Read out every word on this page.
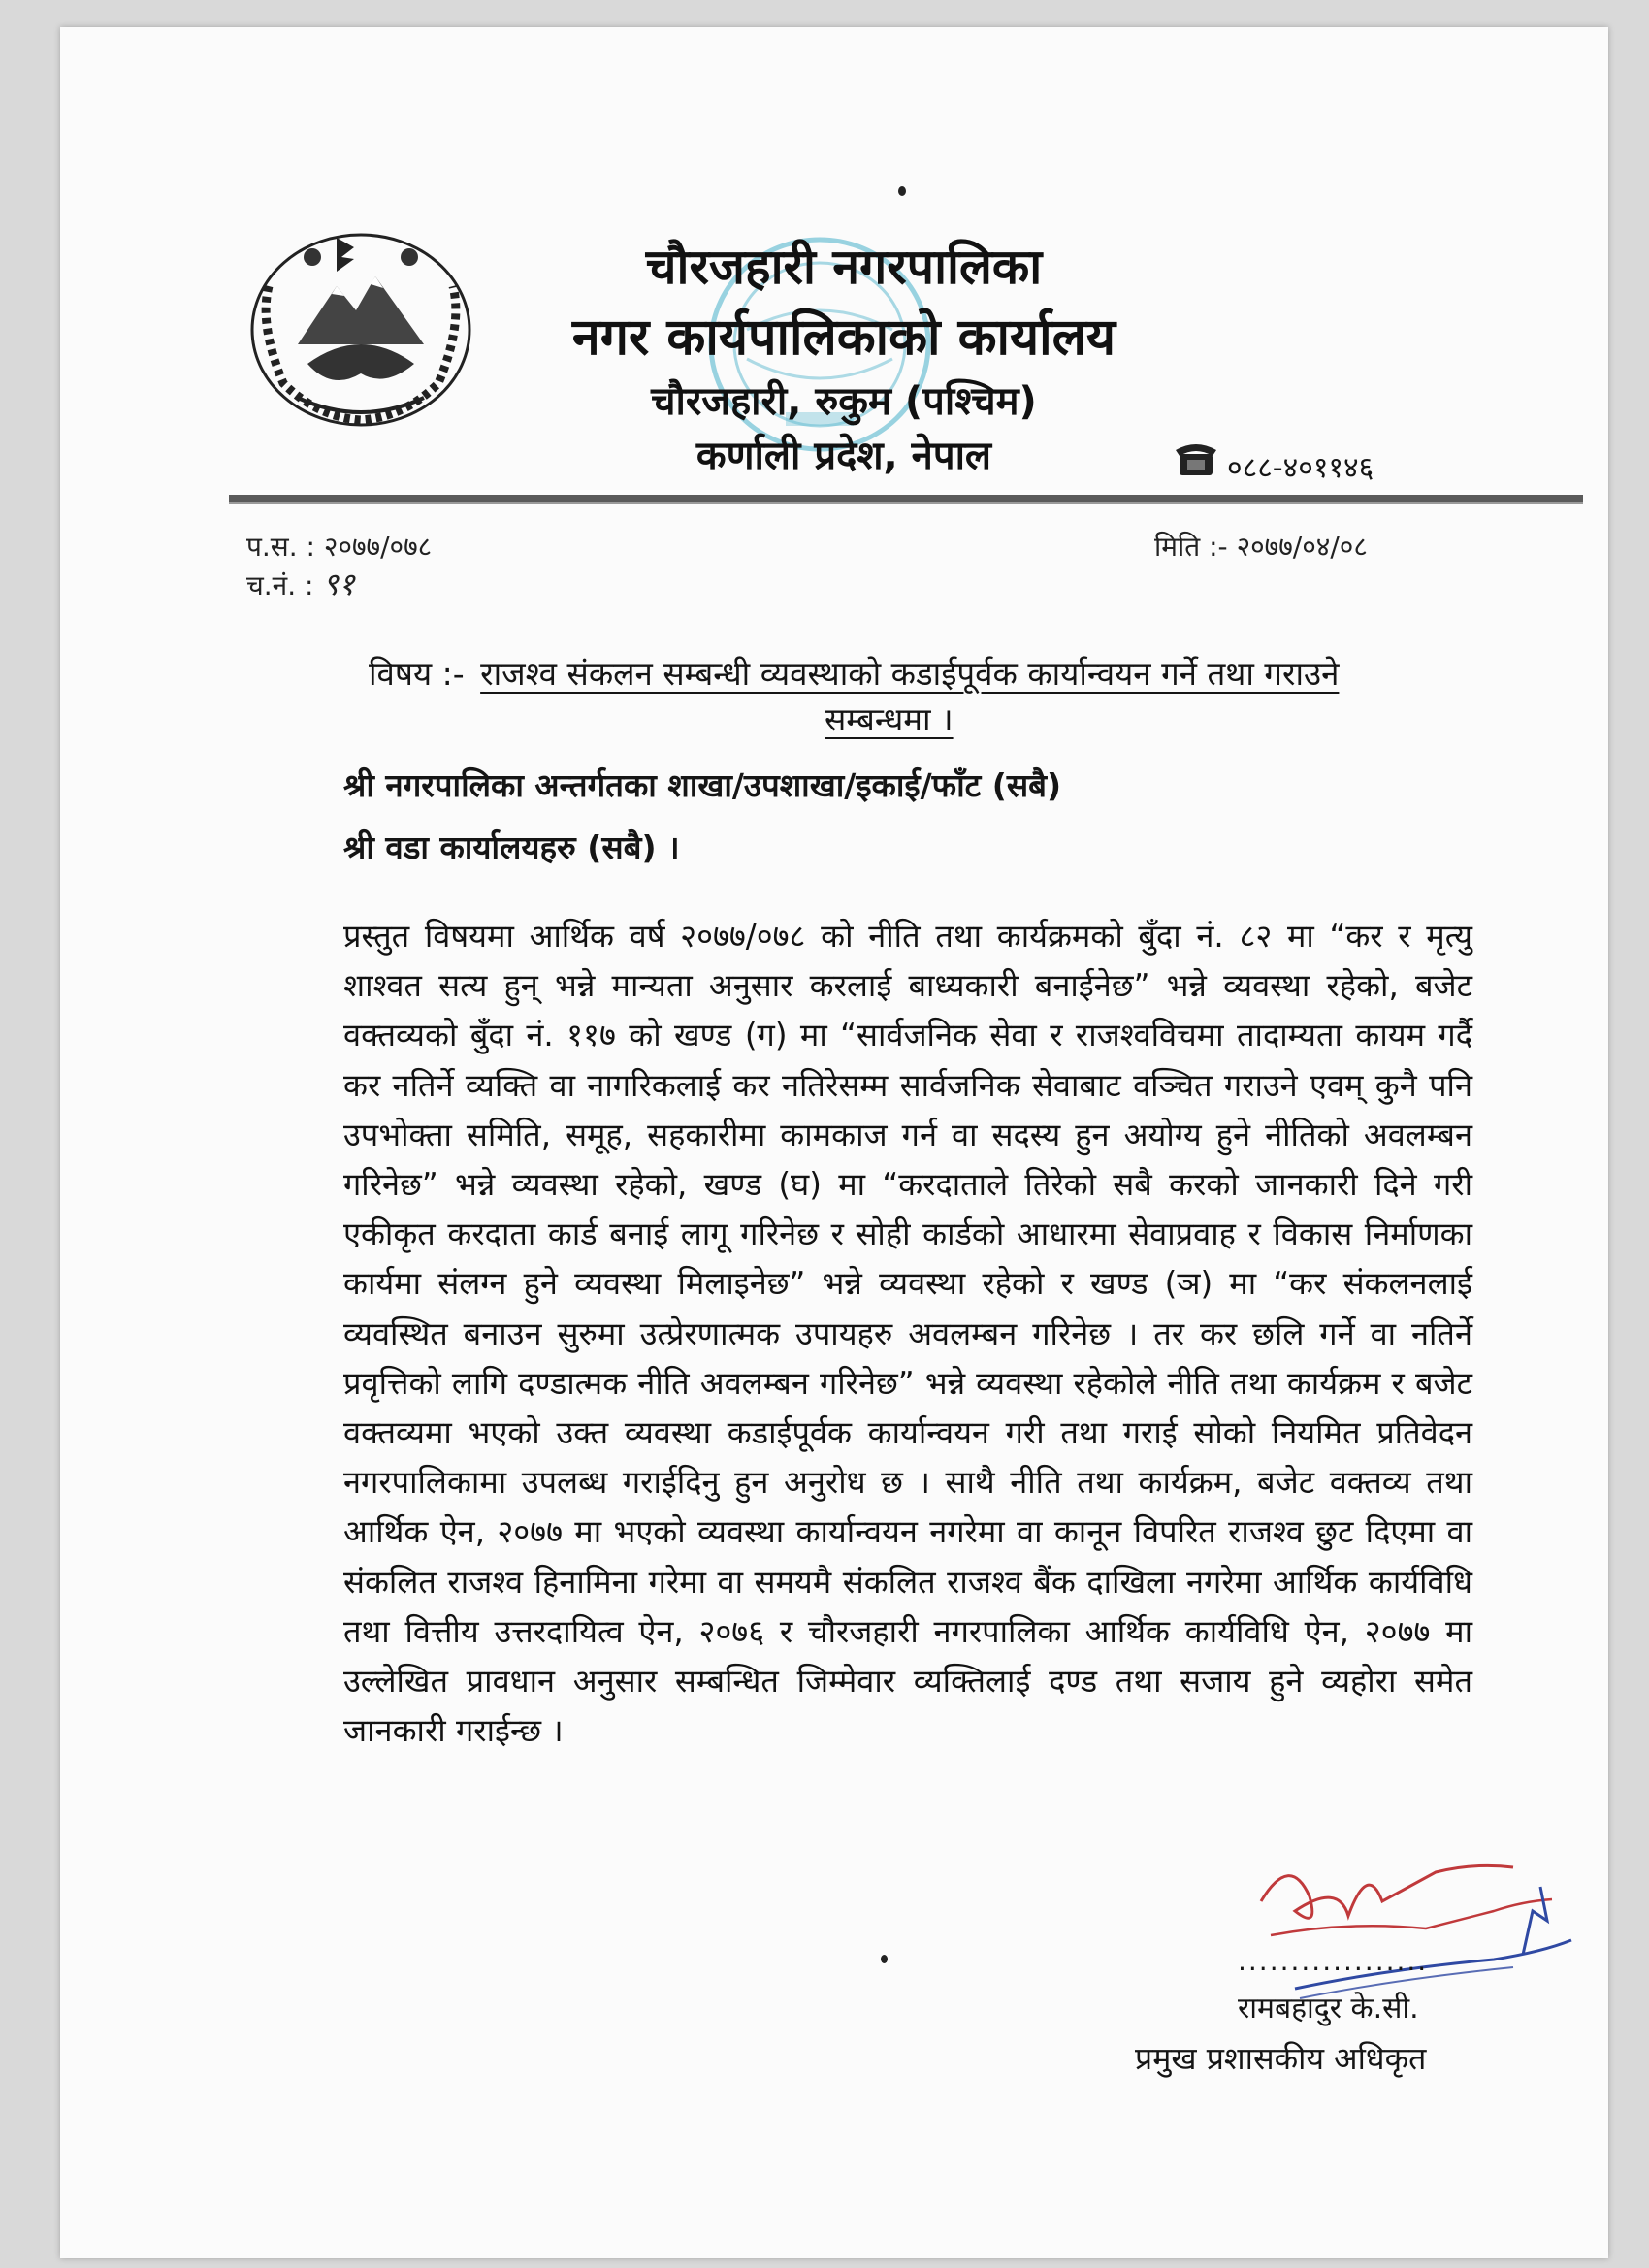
चौरजहारी नगरपालिका
नगर कार्यपालिकाको कार्यालय
चौरजहारी, रुकुम (पश्चिम)
कर्णाली प्रदेश, नेपाल	०८८-४०११४६
प.स. : २०७७/०७८
च.नं. : ९१
मिति :- २०७७/०४/०८
विषय :- राजश्व संकलन सम्बन्धी व्यवस्थाको कडाईपूर्वक कार्यान्वयन गर्ने तथा गराउने
सम्बन्धमा ।
श्री नगरपालिका अन्तर्गतका शाखा/उपशाखा/इकाई/फाँट (सबै)
श्री वडा कार्यालयहरु (सबै) ।
प्रस्तुत विषयमा आर्थिक वर्ष २०७७/०७८ को नीति तथा कार्यक्रमको बुँदा नं. ८२ मा “कर र मृत्यु शाश्वत सत्य हुन् भन्ने मान्यता अनुसार करलाई बाध्यकारी बनाईनेछ” भन्ने व्यवस्था रहेको, बजेट वक्तव्यको बुँदा नं. ११७ को खण्ड (ग) मा “सार्वजनिक सेवा र राजश्वविचमा तादाम्यता कायम गर्दै कर नतिर्ने व्यक्ति वा नागरिकलाई कर नतिरेसम्म सार्वजनिक सेवाबाट वञ्चित गराउने एवम् कुनै पनि उपभोक्ता समिति, समूह, सहकारीमा कामकाज गर्न वा सदस्य हुन अयोग्य हुने नीतिको अवलम्बन गरिनेछ” भन्ने व्यवस्था रहेको, खण्ड (घ) मा “करदाताले तिरेको सबै करको जानकारी दिने गरी एकीकृत करदाता कार्ड बनाई लागू गरिनेछ र सोही कार्डको आधारमा सेवाप्रवाह र विकास निर्माणका कार्यमा संलग्न हुने व्यवस्था मिलाइनेछ” भन्ने व्यवस्था रहेको र खण्ड (ञ) मा “कर संकलनलाई व्यवस्थित बनाउन सुरुमा उत्प्रेरणात्मक उपायहरु अवलम्बन गरिनेछ । तर कर छलि गर्ने वा नतिर्ने प्रवृत्तिको लागि दण्डात्मक नीति अवलम्बन गरिनेछ” भन्ने व्यवस्था रहेकोले नीति तथा कार्यक्रम र बजेट वक्तव्यमा भएको उक्त व्यवस्था कडाईपूर्वक कार्यान्वयन गरी तथा गराई सोको नियमित प्रतिवेदन नगरपालिकामा उपलब्ध गराईदिनु हुन अनुरोध छ । साथै नीति तथा कार्यक्रम, बजेट वक्तव्य तथा आर्थिक ऐन, २०७७ मा भएको व्यवस्था कार्यान्वयन नगरेमा वा कानून विपरित राजश्व छुट दिएमा वा संकलित राजश्व हिनामिना गरेमा वा समयमै संकलित राजश्व बैंक दाखिला नगरेमा आर्थिक कार्यविधि तथा वित्तीय उत्तरदायित्व ऐन, २०७६ र चौरजहारी नगरपालिका आर्थिक कार्यविधि ऐन, २०७७ मा उल्लेखित प्रावधान अनुसार सम्बन्धित जिम्मेवार व्यक्तिलाई दण्ड तथा सजाय हुने व्यहोरा समेत जानकारी गराईन्छ ।
..................
रामबहादुर के.सी.
प्रमुख प्रशासकीय अधिकृत
